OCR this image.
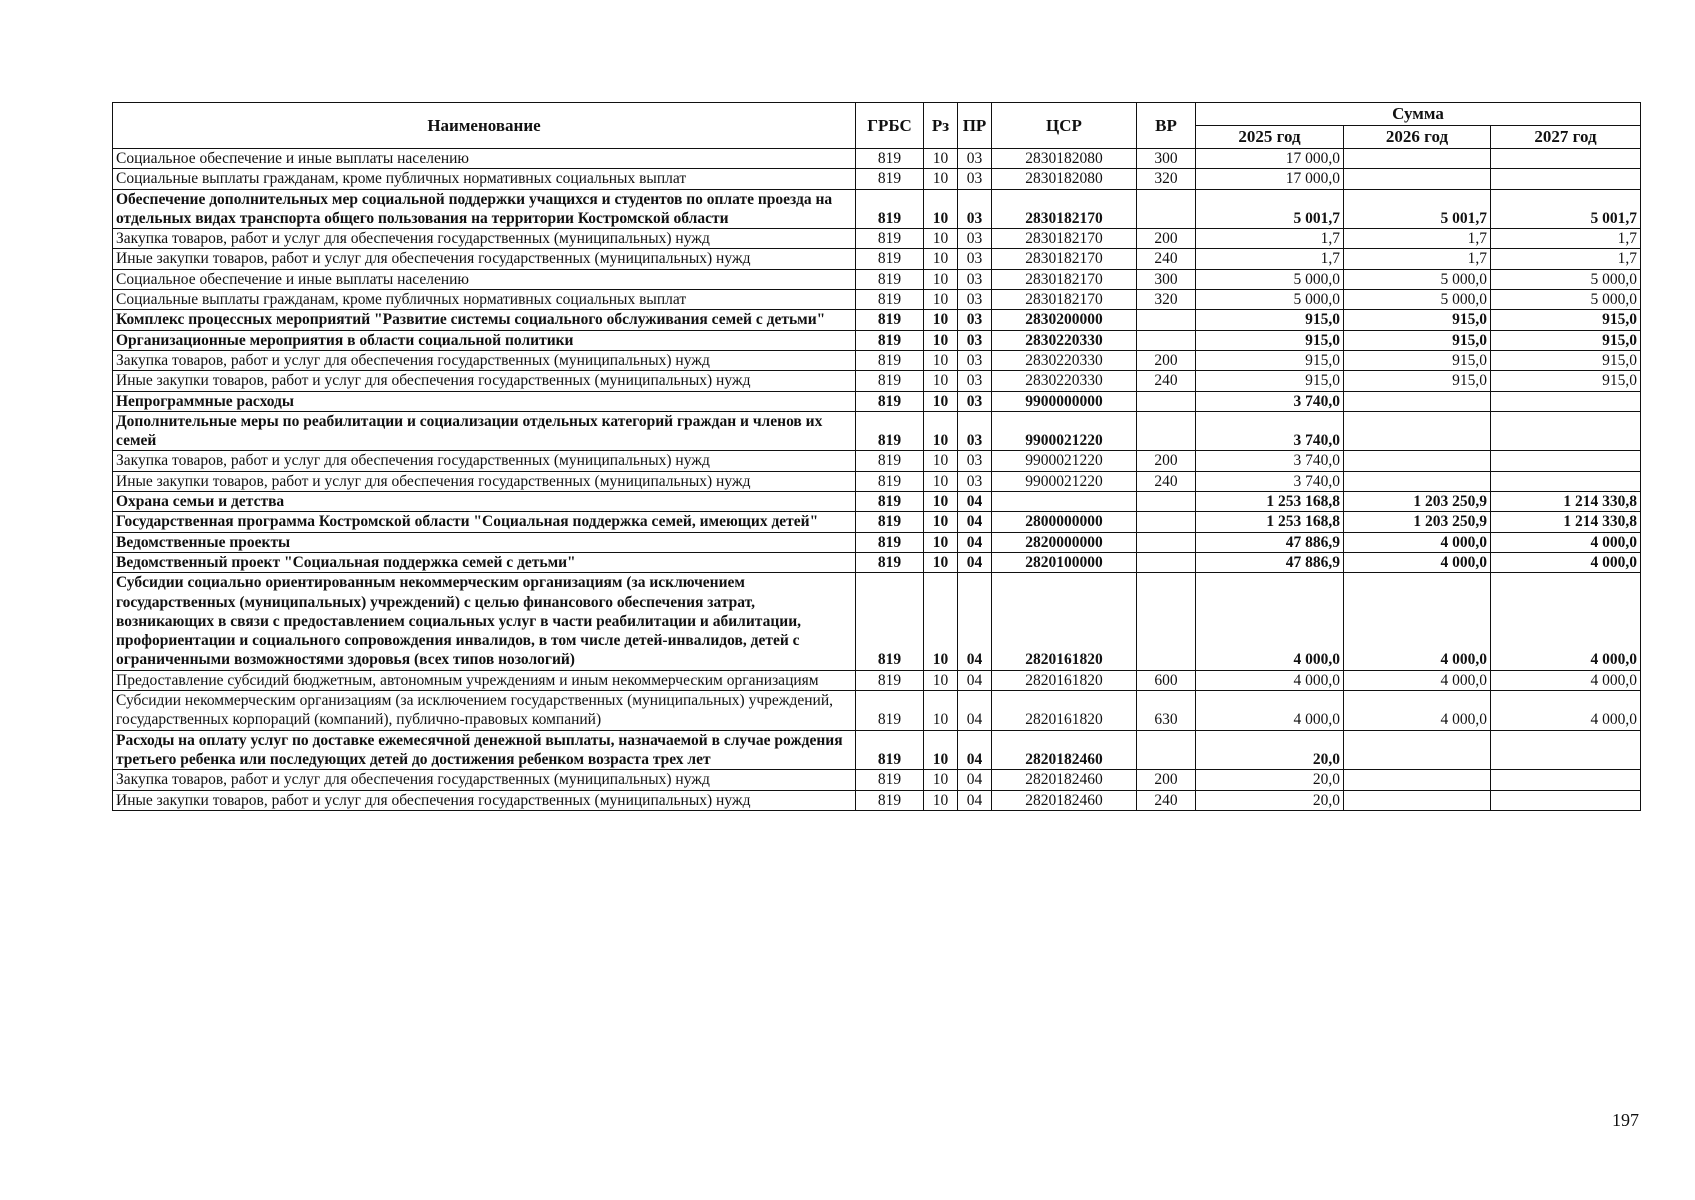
Наименование	ГРБС	Рз	ПР	ЦСР	ВР	Сумма		
						2025 год	2026 год	2027 год
Социальное обеспечение и иные выплаты населению	819	10	03	2830182080	300	17 000,0		
Социальные выплаты гражданам, кроме публичных нормативных социальных выплат	819	10	03	2830182080	320	17 000,0		
Обеспечение дополнительных мер социальной поддержки учащихся и студентов по оплате проезда на отдельных видах транспорта общего пользования на территории Костромской области	819	10	03	2830182170		5 001,7	5 001,7	5 001,7
Закупка товаров, работ и услуг для обеспечения государственных (муниципальных) нужд	819	10	03	2830182170	200	1,7	1,7	1,7
Иные закупки товаров, работ и услуг для обеспечения государственных (муниципальных) нужд	819	10	03	2830182170	240	1,7	1,7	1,7
Социальное обеспечение и иные выплаты населению	819	10	03	2830182170	300	5 000,0	5 000,0	5 000,0
Социальные выплаты гражданам, кроме публичных нормативных социальных выплат	819	10	03	2830182170	320	5 000,0	5 000,0	5 000,0
Комплекс процессных мероприятий "Развитие системы социального обслуживания семей с детьми"	819	10	03	2830200000		915,0	915,0	915,0
Организационные мероприятия в области социальной политики	819	10	03	2830220330		915,0	915,0	915,0
Закупка товаров, работ и услуг для обеспечения государственных (муниципальных) нужд	819	10	03	2830220330	200	915,0	915,0	915,0
Иные закупки товаров, работ и услуг для обеспечения государственных (муниципальных) нужд	819	10	03	2830220330	240	915,0	915,0	915,0
Непрограммные расходы	819	10	03	9900000000		3 740,0		
Дополнительные меры по реабилитации и социализации отдельных категорий граждан и членов их семей	819	10	03	9900021220		3 740,0		
Закупка товаров, работ и услуг для обеспечения государственных (муниципальных) нужд	819	10	03	9900021220	200	3 740,0		
Иные закупки товаров, работ и услуг для обеспечения государственных (муниципальных) нужд	819	10	03	9900021220	240	3 740,0		
Охрана семьи и детства	819	10	04			1 253 168,8	1 203 250,9	1 214 330,8
Государственная программа Костромской области "Социальная поддержка семей, имеющих детей"	819	10	04	2800000000		1 253 168,8	1 203 250,9	1 214 330,8
Ведомственные проекты	819	10	04	2820000000		47 886,9	4 000,0	4 000,0
Ведомственный проект "Социальная поддержка семей с детьми"	819	10	04	2820100000		47 886,9	4 000,0	4 000,0
Субсидии социально ориентированным некоммерческим организациям (за исключением государственных (муниципальных) учреждений) с целью финансового обеспечения затрат, возникающих в связи с предоставлением социальных услуг в части реабилитации и абилитации, профориентации и социального сопровождения инвалидов, в том числе детей-инвалидов, детей с ограниченными возможностями здоровья (всех типов нозологий)	819	10	04	2820161820		4 000,0	4 000,0	4 000,0
Предоставление субсидий бюджетным, автономным учреждениям и иным некоммерческим организациям	819	10	04	2820161820	600	4 000,0	4 000,0	4 000,0
Субсидии некоммерческим организациям (за исключением государственных (муниципальных) учреждений, государственных корпораций (компаний), публично-правовых компаний)	819	10	04	2820161820	630	4 000,0	4 000,0	4 000,0
Расходы на оплату услуг по доставке ежемесячной денежной выплаты, назначаемой в случае рождения третьего ребенка или последующих детей до достижения ребенком возраста трех лет	819	10	04	2820182460		20,0		
Закупка товаров, работ и услуг для обеспечения государственных (муниципальных) нужд	819	10	04	2820182460	200	20,0		
Иные закупки товаров, работ и услуг для обеспечения государственных (муниципальных) нужд	819	10	04	2820182460	240	20,0		
197
